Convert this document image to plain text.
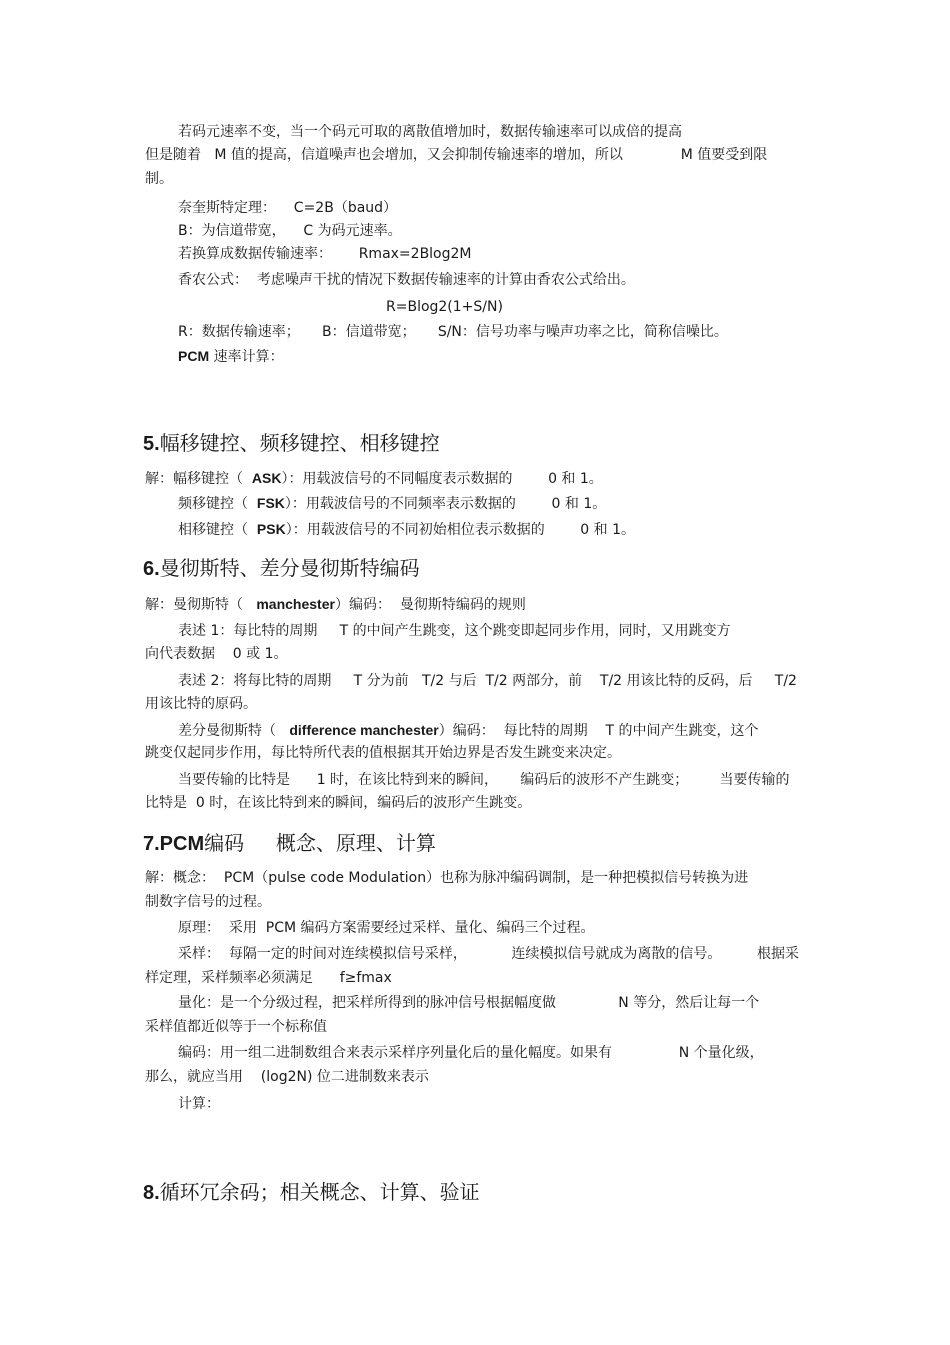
若码元速率不变，当一个码元可取的离散值增加时，数据传输速率可以成倍的提高
但是随着   M 值的提高，信道噪声也会增加，又会抑制传输速率的增加，所以             M 值要受到限
制。
奈奎斯特定理：    C=2B（baud）
B：为信道带宽，    C 为码元速率。
若换算成数据传输速率：      Rmax=2Blog2M
香农公式：  考虑噪声干扰的情况下数据传输速率的计算由香农公式给出。
R=Blog2(1+S/N)
R：数据传输速率；     B：信道带宽；     S/N：信号功率与噪声功率之比，简称信噪比。
PCM 速率计算：
5.幅移键控、频移键控、相移键控
解：幅移键控（  ASK）：用载波信号的不同幅度表示数据的        0 和 1。
频移键控（  FSK）：用载波信号的不同频率表示数据的        0 和 1。
相移键控（  PSK）：用载波信号的不同初始相位表示数据的        0 和 1。
6.曼彻斯特、差分曼彻斯特编码
解：曼彻斯特（   manchester）编码：  曼彻斯特编码的规则
表述 1：每比特的周期     T 的中间产生跳变，这个跳变即起同步作用，同时，又用跳变方
向代表数据    0 或 1。
表述 2：将每比特的周期     T 分为前   T/2 与后  T/2 两部分，前    T/2 用该比特的反码，后     T/2
用该比特的原码。
差分曼彻斯特（   difference manchester）编码：  每比特的周期    T 的中间产生跳变，这个
跳变仅起同步作用，每比特所代表的值根据其开始边界是否发生跳变来决定。
当要传输的比特是      1 时，在该比特到来的瞬间，     编码后的波形不产生跳变；       当要传输的
比特是  0 时，在该比特到来的瞬间，编码后的波形产生跳变。
7.PCM编码     概念、原理、计算
解：概念：  PCM（pulse code Modulation）也称为脉冲编码调制，是一种把模拟信号转换为进
制数字信号的过程。
原理：  采用  PCM 编码方案需要经过采样、量化、编码三个过程。
采样：  每隔一定的时间对连续模拟信号采样，          连续模拟信号就成为离散的信号。        根据采
样定理，采样频率必须满足      f≥fmax
量化：是一个分级过程，把采样所得到的脉冲信号根据幅度做              N 等分，然后让每一个
采样值都近似等于一个标称值
编码：用一组二进制数组合来表示采样序列量化后的量化幅度。如果有               N 个量化级，
那么，就应当用    (log2N) 位二进制数来表示
计算：
8.循环冗余码；相关概念、计算、验证
